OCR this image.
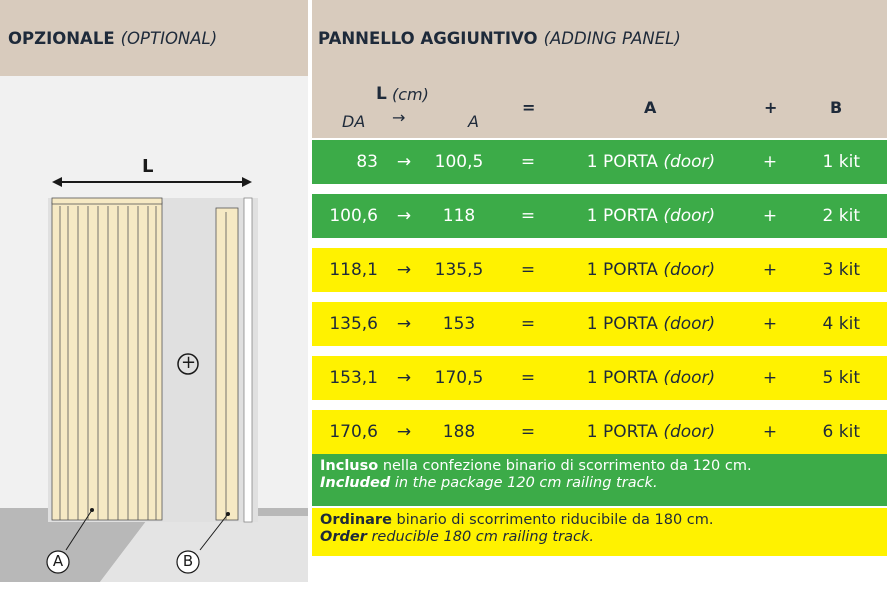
OPZIONALE (OPTIONAL)	PANNELLO AGGIUNTIVO (ADDING PANEL)
L
+
A	B
L (cm)
DA →	A
=	A	+	B
83 →	100,5	=	1 PORTA (door)	+	1 kit
100,6 →	118	=	1 PORTA (door)	+	2 kit
118,1 →	135,5	=	1 PORTA (door)	+	3 kit
135,6 →	153	=	1 PORTA (door)	+	4 kit
153,1 →	170,5	=	1 PORTA (door)	+	5 kit
170,6 →	188	=	1 PORTA (door)	+	6 kit
Incluso nella confezione binario di scorrimento da 120 cm.
Included in the package 120 cm railing track.
Ordinare binario di scorrimento riducibile da 180 cm.
Order reducible 180 cm railing track.
